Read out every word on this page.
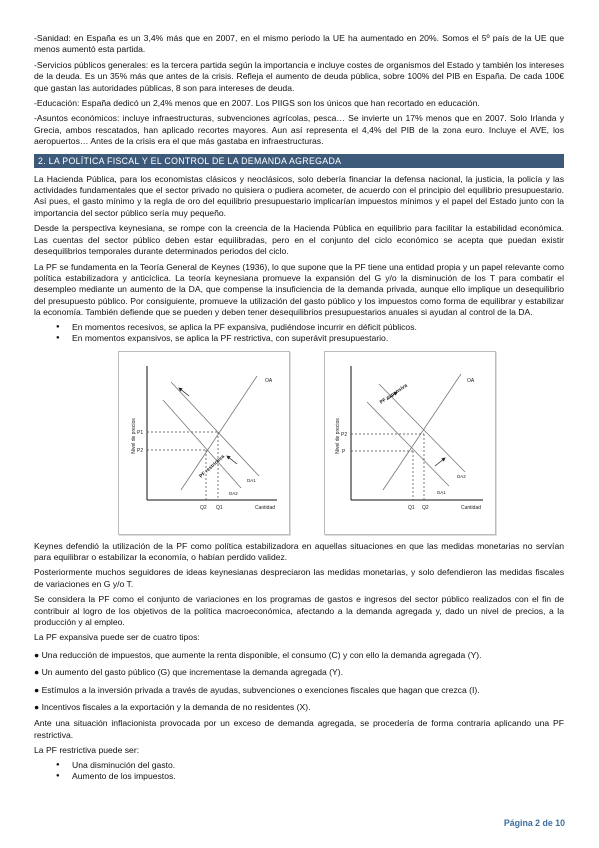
-Sanidad: en España es un 3,4% más que en 2007, en el mismo periodo la UE ha aumentado en 20%. Somos el 5º país de la UE que menos aumentó esta partida.

-Servicios públicos generales: es la tercera partida según la importancia e incluye costes de organismos del Estado y también los intereses de la deuda. Es un 35% más que antes de la crisis. Refleja el aumento de deuda pública, sobre 100% del PIB en España. De cada 100€ que gastan las autoridades públicas, 8 son para intereses de deuda.

-Educación: España dedicó un 2,4% menos que en 2007. Los PIIGS son los únicos que han recortado en educación.

-Asuntos económicos: incluye infraestructuras, subvenciones agrícolas, pesca… Se invierte un 17% menos que en 2007. Solo Irlanda y Grecia, ambos rescatados, han aplicado recortes mayores. Aun así representa el 4,4% del PIB de la zona euro. Incluye el AVE, los aeropuertos… Antes de la crisis era el que más gastaba en infraestructuras.

2. LA POLÍTICA FISCAL Y EL CONTROL DE LA DEMANDA AGREGADA

La Hacienda Pública, para los economistas clásicos y neoclásicos, solo debería financiar la defensa nacional, la justicia, la policía y las actividades fundamentales que el sector privado no quisiera o pudiera acometer, de acuerdo con el principio del equilibrio presupuestario. Así pues, el gasto mínimo y la regla de oro del equilibrio presupuestario implicarían impuestos mínimos y el papel del Estado junto con la importancia del sector público sería muy pequeño.

Desde la perspectiva keynesiana, se rompe con la creencia de la Hacienda Pública en equilibrio para facilitar la estabilidad económica. Las cuentas del sector público deben estar equilibradas, pero en el conjunto del ciclo económico se acepta que puedan existir desequilibrios temporales durante determinados periodos del ciclo.

La PF se fundamenta en la Teoría General de Keynes (1936), lo que supone que la PF tiene una entidad propia y un papel relevante como política estabilizadora y anticíclica. La teoría keynesiana promueve la expansión del G y/o la disminución de los T para combatir el desempleo mediante un aumento de la DA, que compense la insuficiencia de la demanda privada, aunque ello implique un desequilibrio del presupuesto público. Por consiguiente, promueve la utilización del gasto público y los impuestos como forma de equilibrar y estabilizar la economía. También defiende que se pueden y deben tener desequilibrios presupuestarios anuales si ayudan al control de la DA.

● En momentos recesivos, se aplica la PF expansiva, pudiéndose incurrir en déficit públicos.
● En momentos expansivos, se aplica la PF restrictiva, con superávit presupuestario.
Nivel de precios
Cantidad
OA
DA1
DA2
P1
P2
Q2 Q1
PF restrictiva
Nivel de precios
Cantidad
OA
DA2
DA1
P2
P
Q1 Q2
PF expansiva

Keynes defendió la utilización de la PF como política estabilizadora en aquellas situaciones en que las medidas monetarias no servían para equilibrar o estabilizar la economía, o habían perdido validez.

Posteriormente muchos seguidores de ideas keynesianas despreciaron las medidas monetarias, y solo defendieron las medidas fiscales de variaciones en G y/o T.

Se considera la PF como el conjunto de variaciones en los programas de gastos e ingresos del sector público realizados con el fin de contribuir al logro de los objetivos de la política macroeconómica, afectando a la demanda agregada y, dado un nivel de precios, a la producción y al empleo.

La PF expansiva puede ser de cuatro tipos:

● Una reducción de impuestos, que aumente la renta disponible, el consumo (C) y con ello la demanda agregada (Y).

● Un aumento del gasto público (G) que incrementase la demanda agregada (Y).

● Estímulos a la inversión privada a través de ayudas, subvenciones o exenciones fiscales que hagan que crezca (I).

● Incentivos fiscales a la exportación y la demanda de no residentes (X).

Ante una situación inflacionista provocada por un exceso de demanda agregada, se procedería de forma contraria aplicando una PF restrictiva.

La PF restrictiva puede ser:

● Una disminución del gasto.
● Aumento de los impuestos.
Página 2 de 10
